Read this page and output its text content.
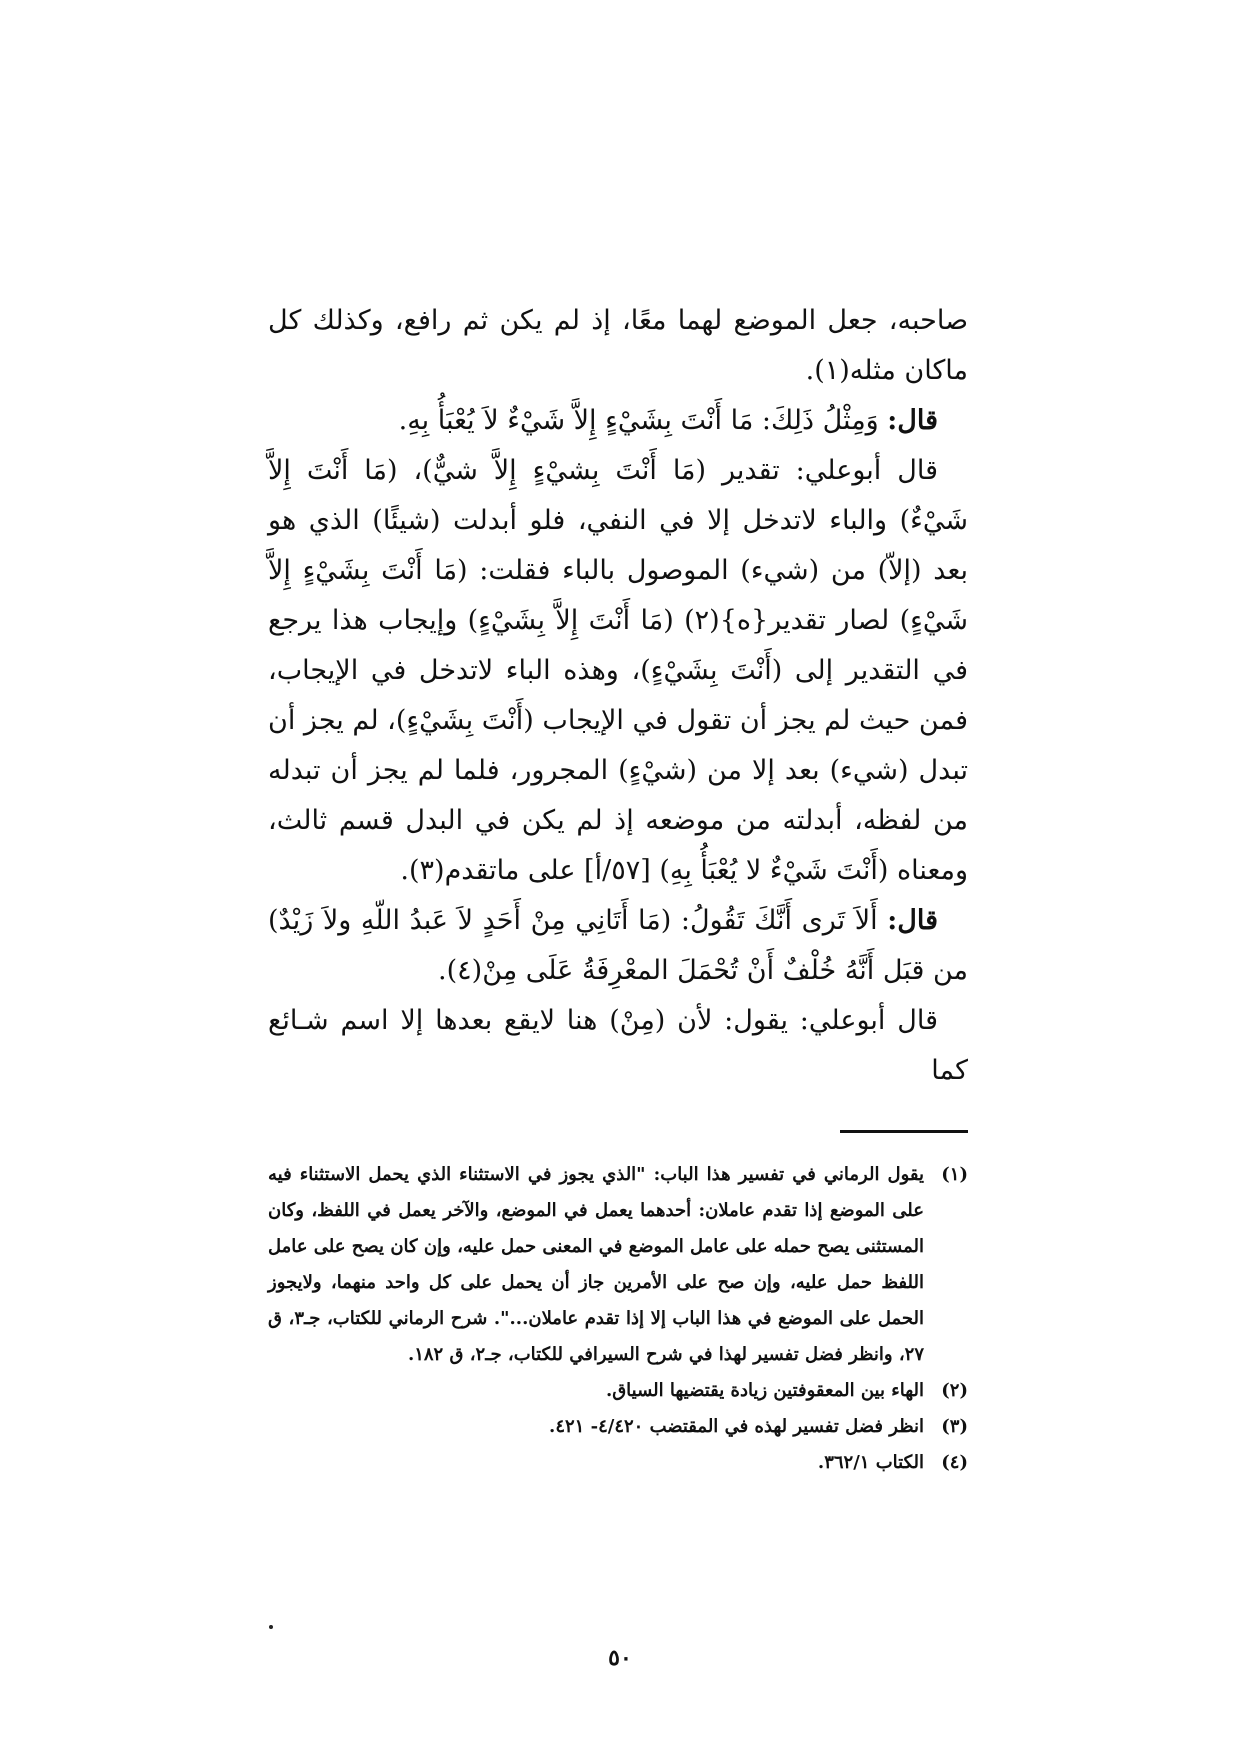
صاحبه، جعل الموضع لهما معًا، إذ لم يكن ثم رافع، وكذلك كل ماكان مثله(١).

قال: وَمِثْلُ ذَلِكَ: مَا أَنْتَ بِشَيْءٍ إِلاَّ شَيْءٌ لاَ يُعْبَأُ بِهِ.

قال أبوعلي: تقدير (مَا أَنْتَ بِشيْءٍ إِلاَّ شيٌّ)، (مَا أَنْتَ إِلاَّ شَيْءٌ) والباء لاتدخل إلا في النفي، فلو أبدلت (شيئًا) الذي هو بعد (إلاّ) من (شيء) الموصول بالباء فقلت: (مَا أَنْتَ بِشَيْءٍ إِلاَّ شَيْءٍ) لصار تقدير{ه}(٢) (مَا أَنْتَ إِلاَّ بِشَيْءٍ) وإيجاب هذا يرجع في التقدير إلى (أَنْتَ بِشَيْءٍ)، وهذه الباء لاتدخل في الإيجاب، فمن حيث لم يجز أن تقول في الإيجاب (أَنْتَ بِشَيْءٍ)، لم يجز أن تبدل (شيء) بعد إلا من (شيْءٍ) المجرور، فلما لم يجز أن تبدله من لفظه، أبدلته من موضعه إذ لم يكن في البدل قسم ثالث، ومعناه (أَنْتَ شَيْءٌ لا يُعْبَأُ بِهِ) [٥٧/أ] على ماتقدم(٣).

قال: أَلاَ تَرى أَنَّكَ تَقُولُ: (مَا أَتَانِي مِنْ أَحَدٍ لاَ عَبدُ اللّهِ ولاَ زَيْدٌ) من قبَل أَنَّهُ خُلْفٌ أَنْ تُحْمَلَ المعْرِفَةُ عَلَى مِنْ(٤).

قال أبوعلي: يقول: لأن (مِنْ) هنا لايقع بعدها إلا اسم شـائع كما

(١)
يقول الرماني في تفسير هذا الباب: "الذي يجوز في الاستثناء الذي يحمل الاستثناء فيه على الموضع إذا تقدم عاملان: أحدهما يعمل في الموضع، والآخر يعمل في اللفظ، وكان المستثنى يصح حمله على عامل الموضع في المعنى حمل عليه، وإن كان يصح على عامل اللفظ حمل عليه، وإن صح على الأمرين جاز أن يحمل على كل واحد منهما، ولايجوز الحمل على الموضع في هذا الباب إلا إذا تقدم عاملان...". شرح الرماني للكتاب، جـ٣، ق ٢٧، وانظر فضل تفسير لهذا في شرح السيرافي للكتاب، جـ٢، ق ١٨٢.
(٢)
الهاء بين المعقوفتين زيادة يقتضيها السياق.
(٣)
انظر فضل تفسير لهذه في المقتضب ٤/٤٢٠- ٤٢١.
(٤)
الكتاب ٣٦٢/١.
٥٠
